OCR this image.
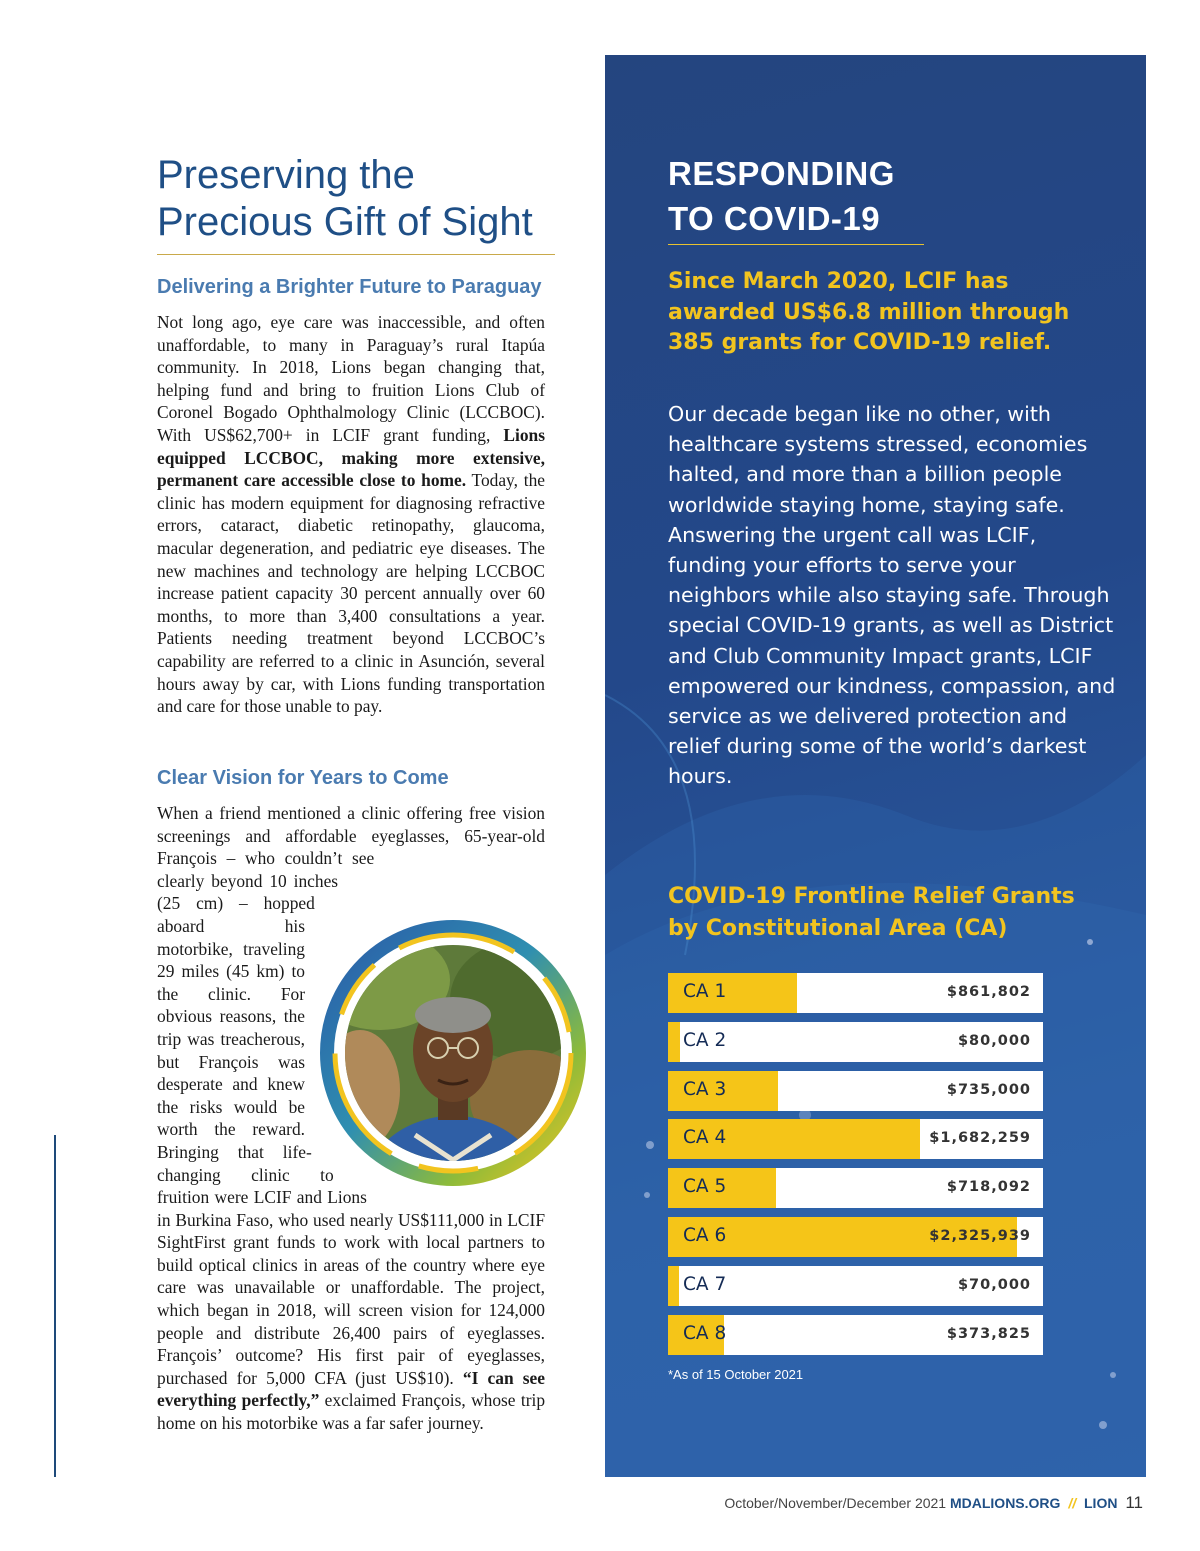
Preserving the
Precious Gift of Sight
Delivering a Brighter Future to Paraguay

Not long ago, eye care was inaccessible, and often unaffordable, to many in Paraguay’s rural Itapúa community. In 2018, Lions began changing that, helping fund and bring to fruition Lions Club of Coronel Bogado Ophthalmology Clinic (LCCBOC). With US$62,700+ in LCIF grant funding, Lions equipped LCCBOC, making more extensive, permanent care accessible close to home. Today, the clinic has modern equipment for diagnosing refractive errors, cataract, diabetic retinopathy, glaucoma, macular degeneration, and pediatric eye diseases. The new machines and technology are helping LCCBOC increase patient capacity 30 percent annually over 60 months, to more than 3,400 consultations a year. Patients needing treatment beyond LCCBOC’s capability are referred to a clinic in Asunción, several hours away by car, with Lions funding transportation and care for those unable to pay.

Clear Vision for Years to Come
When a friend mentioned a clinic offering free vision screenings and affordable eyeglasses, 65-year-old François – who couldn’t see clearly beyond 10 inches (25 cm) – hopped aboard his motorbike, traveling 29 miles (45 km) to the clinic. For obvious reasons, the trip was treacherous, but François was desperate and knew the risks would be worth the reward. Bringing that life-changing clinic to fruition were LCIF and Lions in Burkina Faso, who used nearly US$111,000 in LCIF SightFirst grant funds to work with local partners to build optical clinics in areas of the country where eye care was unavailable or unaffordable. The project, which began in 2018, will screen vision for 124,000 people and distribute 26,400 pairs of eyeglasses. François’ outcome? His first pair of eyeglasses, purchased for 5,000 CFA (just US$10). “I can see everything perfectly,” exclaimed François, whose trip home on his motorbike was a far safer journey.
RESPONDING
TO COVID-19

Since March 2020, LCIF has awarded US$6.8 million through 385 grants for COVID-19 relief.

Our decade began like no other, with healthcare systems stressed, economies halted, and more than a billion people worldwide staying home, staying safe. Answering the urgent call was LCIF, funding your efforts to serve your neighbors while also staying safe. Through special COVID-19 grants, as well as District and Club Community Impact grants, LCIF empowered our kindness, compassion, and service as we delivered protection and relief during some of the world’s darkest hours.

COVID-19 Frontline Relief Grants
by Constitutional Area (CA)
CA 1	$861,802
CA 2	$80,000
CA 3	$735,000
CA 4	$1,682,259
CA 5	$718,092
CA 6	$2,325,939
CA 7	$70,000
CA 8	$373,825

*As of 15 October 2021

October/November/December 2021 MDALIONS.ORG // LION 11
